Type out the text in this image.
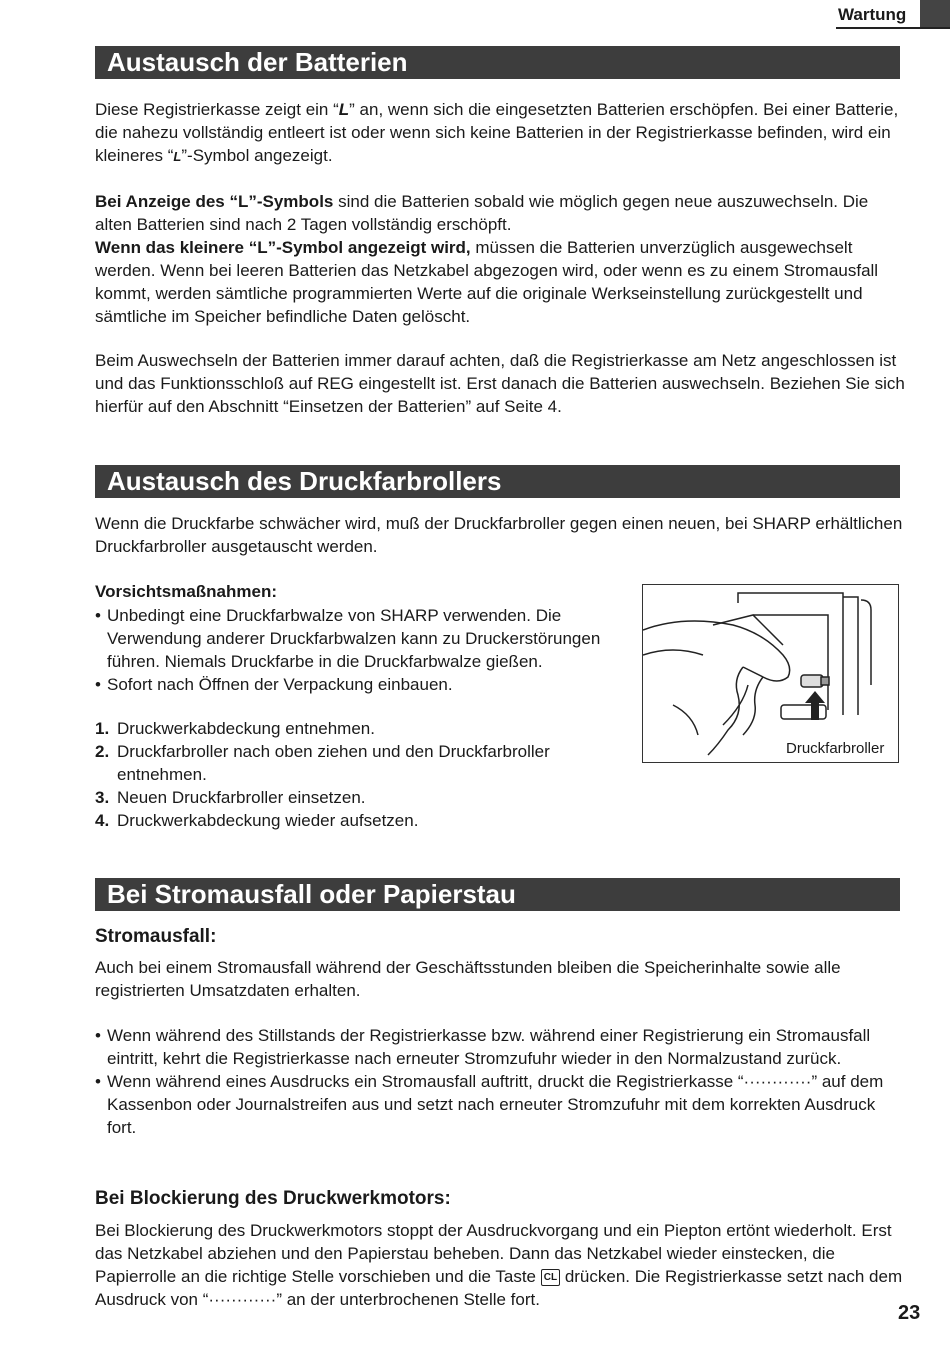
Wartung
Austausch der Batterien

Diese Registrierkasse zeigt ein “L” an, wenn sich die eingesetzten Batterien erschöpfen. Bei einer Batterie, die nahezu vollständig entleert ist oder wenn sich keine Batterien in der Registrierkasse befinden, wird ein kleineres “L”-Symbol angezeigt.

Bei Anzeige des “L”-Symbols sind die Batterien sobald wie möglich gegen neue auszuwechseln. Die alten Batterien sind nach 2 Tagen vollständig erschöpft.
Wenn das kleinere “L”-Symbol angezeigt wird, müssen die Batterien unverzüglich ausgewechselt werden. Wenn bei leeren Batterien das Netzkabel abgezogen wird, oder wenn es zu einem Stromausfall kommt, werden sämtliche programmierten Werte auf die originale Werkseinstellung zurückgestellt und sämtliche im Speicher befindliche Daten gelöscht.

Beim Auswechseln der Batterien immer darauf achten, daß die Registrierkasse am Netz angeschlossen ist und das Funktionsschloß auf REG eingestellt ist. Erst danach die Batterien auswechseln. Beziehen Sie sich hierfür auf den Abschnitt “Einsetzen der Batterien” auf Seite 4.

Austausch des Druckfarbrollers

Wenn die Druckfarbe schwächer wird, muß der Druckfarbroller gegen einen neuen, bei SHARP erhältlichen Druckfarbroller ausgetauscht werden.

Vorsichtsmaßnahmen:
• Unbedingt eine Druckfarbwalze von SHARP verwenden. Die Verwendung anderer Druckfarbwalzen kann zu Druckerstörungen führen. Niemals Druckfarbe in die Druckfarbwalze gießen.
• Sofort nach Öffnen der Verpackung einbauen.
1. Druckwerkabdeckung entnehmen.
2. Druckfarbroller nach oben ziehen und den Druckfarbroller entnehmen.
3. Neuen Druckfarbroller einsetzen.
4. Druckwerkabdeckung wieder aufsetzen.
Druckfarbroller
Bei Stromausfall oder Papierstau
Stromausfall:

Auch bei einem Stromausfall während der Geschäftsstunden bleiben die Speicherinhalte sowie alle registrierten Umsatzdaten erhalten.

• Wenn während des Stillstands der Registrierkasse bzw. während einer Registrierung ein Stromausfall eintritt, kehrt die Registrierkasse nach erneuter Stromzufuhr wieder in den Normalzustand zurück.
• Wenn während eines Ausdrucks ein Stromausfall auftritt, druckt die Registrierkasse “············” auf dem Kassenbon oder Journalstreifen aus und setzt nach erneuter Stromzufuhr mit dem korrekten Ausdruck fort.
Bei Blockierung des Druckwerkmotors:

Bei Blockierung des Druckwerkmotors stoppt der Ausdruckvorgang und ein Piepton ertönt wiederholt. Erst das Netzkabel abziehen und den Papierstau beheben. Dann das Netzkabel wieder einstecken, die Papierrolle an die richtige Stelle vorschieben und die Taste CL drücken. Die Registrierkasse setzt nach dem Ausdruck von “············” an der unterbrochenen Stelle fort.

23
